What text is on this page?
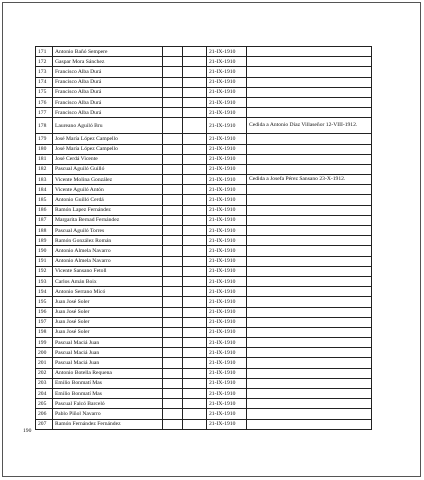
171	Antonio Bañó Sempere			21-IX-1910	
172	Gaspar Mora Sánchez			21-IX-1910	
173	Francisco Alba Durá			21-IX-1910	
174	Francisco Alba Durá			21-IX-1910	
175	Francisco Alba Durá			21-IX-1910	
176	Francisco Alba Durá			21-IX-1910	
177	Francisco Alba Durá			21-IX-1910	
178	Laureano Aguiló Bru			21-IX-1910	Cedida a Antonio Díaz Villaseñor 12-VIII-1912.
179	José María López Campello			21-IX-1910	
180	José María López Campello			21-IX-1910	
181	José Cerdá Vicente			21-IX-1910	
182	Pascual Aguiló Guilló			21-IX-1910	
183	Vicente Molina González			21-IX-1910	Cedida a Josefa Pérez Sansano 23-X-1912.
184	Vicente Aguiló Antón			21-IX-1910	
185	Antonio Guilló Cerdá			21-IX-1910	
186	Ramón Lapez Fernández			21-IX-1910	
187	Margarita Bernad Fernández			21-IX-1910	
188	Pascual Aguiló Torres			21-IX-1910	
189	Ramón González Román			21-IX-1910	
190	Antonio Almela Navarro			21-IX-1910	
191	Antonio Almela Navarro			21-IX-1910	
192	Vicente Sansano Fetoll			21-IX-1910	
193	Carlos Amán Boix			21-IX-1910	
194	Antonio Serrano Micó			21-IX-1910	
195	Juan José Soler			21-IX-1910	
196	Juan José Soler			21-IX-1910	
197	Juan José Soler			21-IX-1910	
198	Juan José Soler			21-IX-1910	
199	Pascual Maciá Juan			21-IX-1910	
200	Pascual Maciá Juan			21-IX-1910	
201	Pascual Maciá Juan			21-IX-1910	
202	Antonio Botella Requena			21-IX-1910	
203	Emilio Bonmatí Mas			21-IX-1910	
204	Emilio Bonmatí Mas			21-IX-1910	
205	Pascual Falcó Barceló			21-IX-1910	
206	Pablo Piñol Navarro			21-IX-1910	
207	Ramón Fernández Fernández			21-IX-1910	
190
